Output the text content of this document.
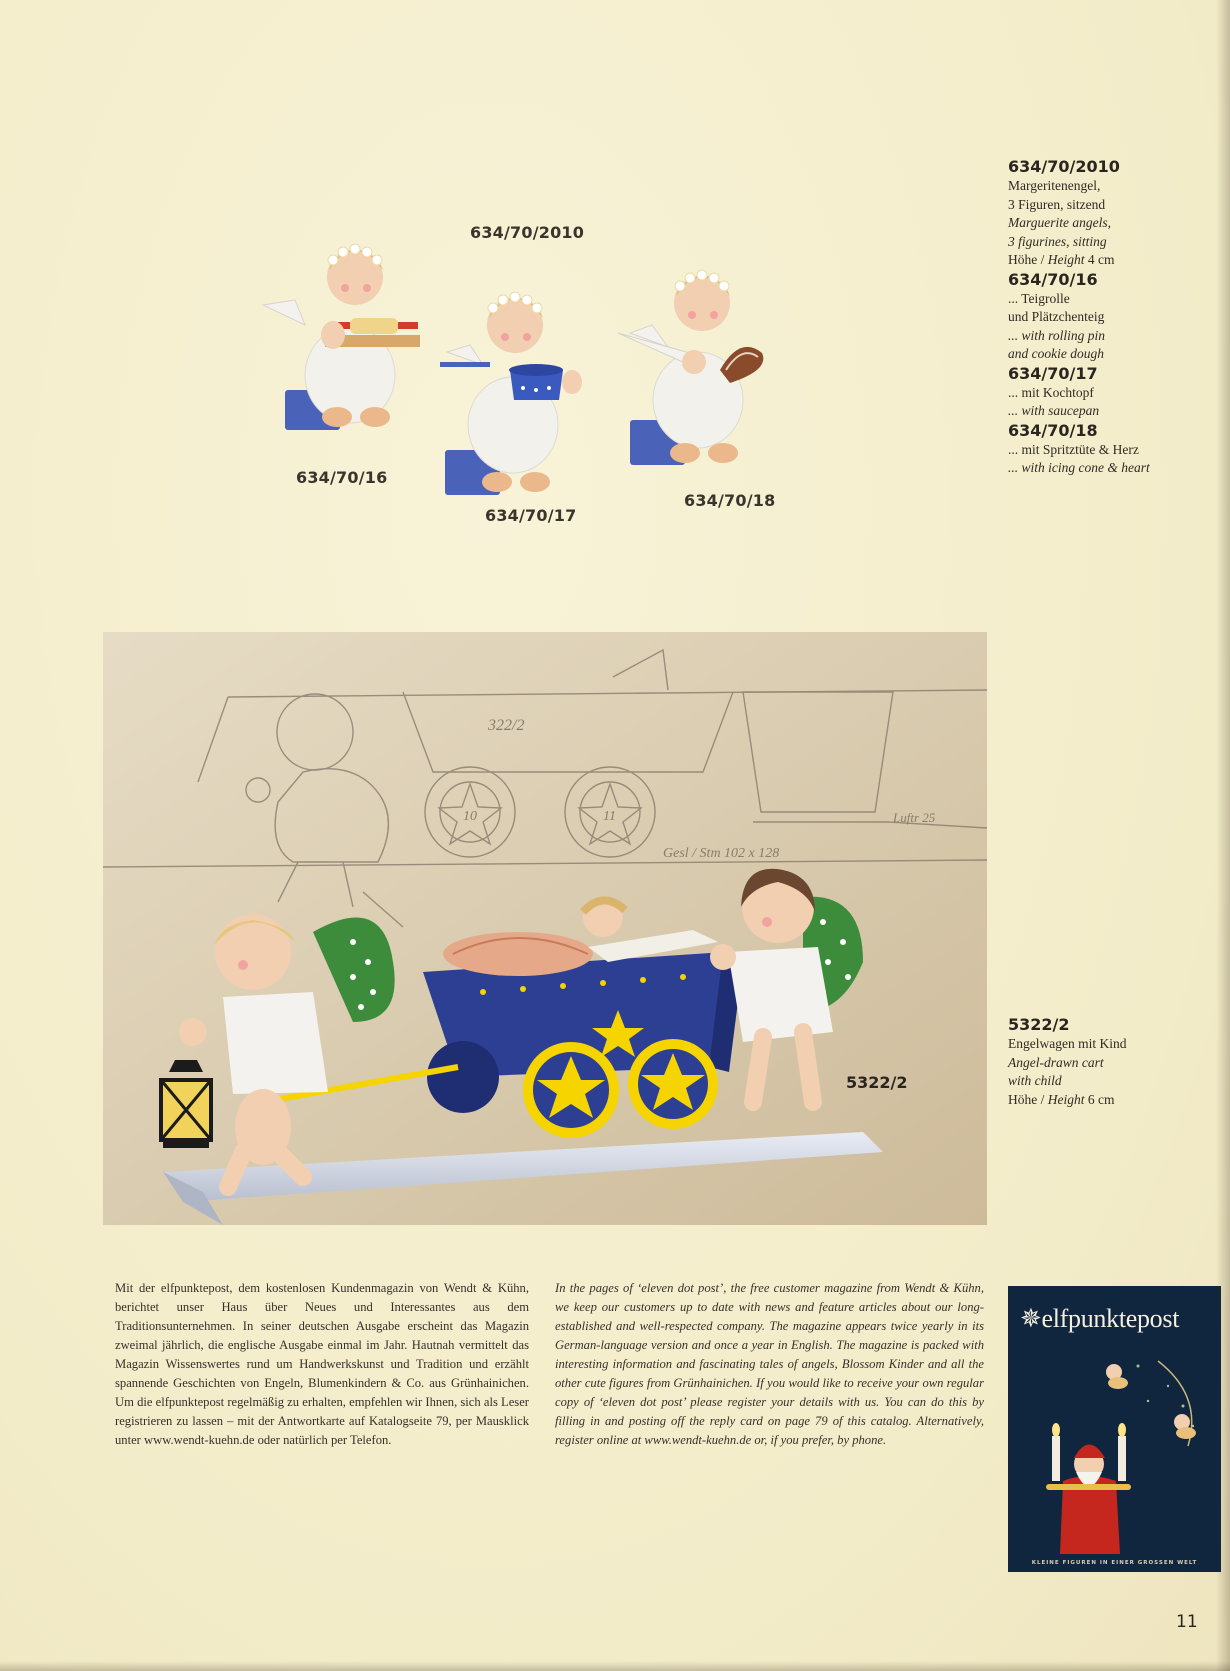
634/70/2010
634/70/16
634/70/17
634/70/18
634/70/2010
Margeritenengel,
3 Figuren, sitzend
Marguerite angels,
3 figurines, sitting
Höhe / Height 4 cm
634/70/16
... Teigrolle
und Plätzchenteig
... with rolling pin
and cookie dough
634/70/17
... mit Kochtopf
... with saucepan
634/70/18
... mit Spritztüte & Herz
... with icing cone & heart
322/2
10	11	Luftr 25
Gesl / Stm 102 x 128
5322/2
5322/2
Engelwagen mit Kind
Angel-drawn cart
with child
Höhe / Height 6 cm
Mit der elfpunktepost, dem kostenlosen Kundenmagazin von Wendt & Kühn, berichtet unser Haus über Neues und Interessantes aus dem Traditionsunternehmen. In seiner deutschen Ausgabe erscheint das Magazin zweimal jährlich, die englische Ausgabe einmal im Jahr. Hautnah vermittelt das Magazin Wissenswertes rund um Handwerkskunst und Tradition und erzählt spannende Geschichten von Engeln, Blumenkindern & Co. aus Grünhainichen. Um die elfpunktepost regelmäßig zu erhalten, empfehlen wir Ihnen, sich als Leser registrieren zu lassen – mit der Antwortkarte auf Katalogseite 79, per Mausklick unter www.wendt-kuehn.de oder natürlich per Telefon.
In the pages of ‘eleven dot post’, the free customer magazine from Wendt & Kühn, we keep our customers up to date with news and feature articles about our long-established and well-respected company. The magazine appears twice yearly in its German-language version and once a year in English. The magazine is packed with interesting information and fascinating tales of angels, Blossom Kinder and all the other cute figures from Grünhainichen. If you would like to receive your own regular copy of ‘eleven dot post’ please register your details with us. You can do this by filling in and posting off the reply card on page 79 of this catalog. Alternatively, register online at www.wendt-kuehn.de or, if you prefer, by phone.
✵elfpunktepost
KLEINE FIGUREN IN EINER GROSSEN WELT
11
